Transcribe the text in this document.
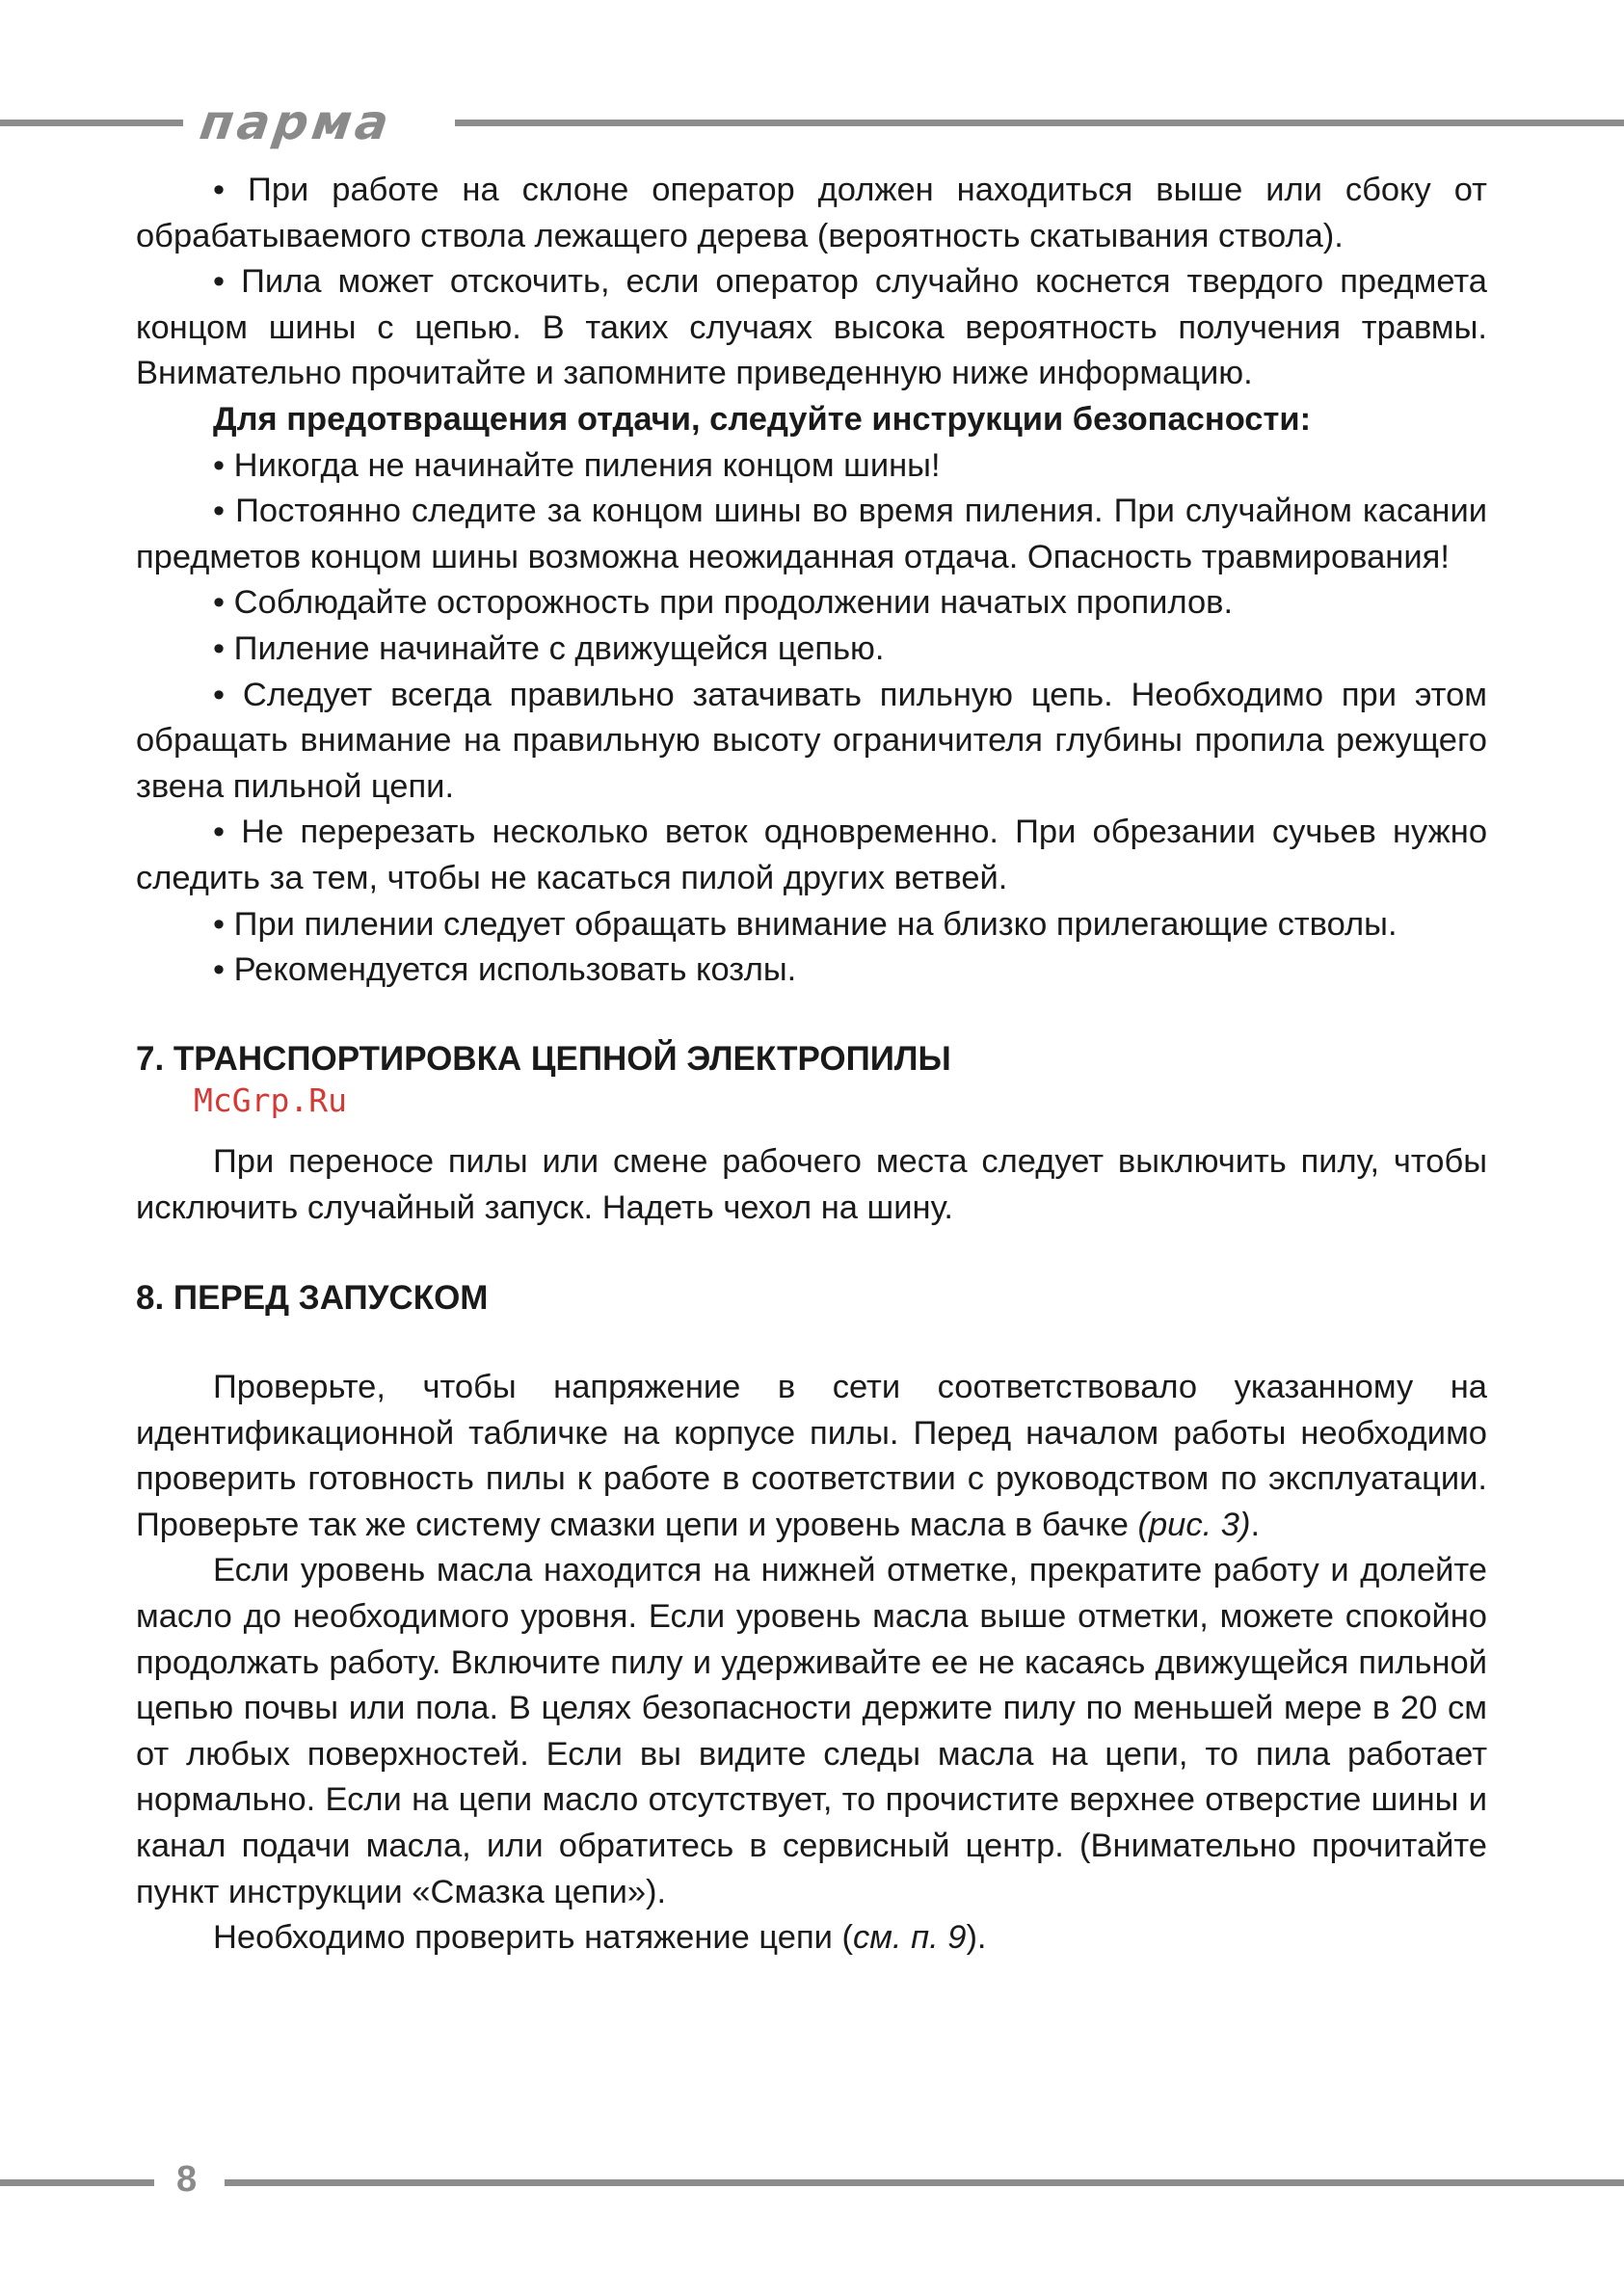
парма

• При работе на склоне оператор должен находиться выше или сбоку от обрабатываемого ствола лежащего дерева (вероятность скатывания ствола).

• Пила может отскочить, если оператор случайно коснется твердого предмета концом шины с цепью. В таких случаях высока вероятность получения травмы. Внимательно прочитайте и запомните приведенную ниже информацию.

Для предотвращения отдачи, следуйте инструкции безопасности:

• Никогда не начинайте пиления концом шины!

• Постоянно следите за концом шины во время пиления. При случайном касании предметов концом шины возможна неожиданная отдача. Опасность травмирования!

• Соблюдайте осторожность при продолжении начатых пропилов.

• Пиление начинайте с движущейся цепью.

• Следует всегда правильно затачивать пильную цепь. Необходимо при этом обращать внимание на правильную высоту ограничителя глубины пропила режущего звена пильной цепи.

• Не перерезать несколько веток одновременно. При обрезании сучьев нужно следить за тем, чтобы не касаться пилой других ветвей.

• При пилении следует обращать внимание на близко прилегающие стволы.

• Рекомендуется использовать козлы.

7. ТРАНСПОРТИРОВКА ЦЕПНОЙ ЭЛЕКТРОПИЛЫ

McGrp.Ru

При переносе пилы или смене рабочего места следует выключить пилу, чтобы исключить случайный запуск. Надеть чехол на шину.

8. ПЕРЕД ЗАПУСКОМ

Проверьте, чтобы напряжение в сети соответствовало указанному на идентификационной табличке на корпусе пилы. Перед началом работы необходимо проверить готовность пилы к работе в соответствии с руководством по эксплуатации. Проверьте так же систему смазки цепи и уровень масла в бачке (рис. 3).

Если уровень масла находится на нижней отметке, прекратите работу и долейте масло до необходимого уровня. Если уровень масла выше отметки, можете спокойно продолжать работу. Включите пилу и удерживайте ее не касаясь движущейся пильной цепью почвы или пола. В целях безопасности держите пилу по меньшей мере в 20 см от любых поверхностей. Если вы видите следы масла на цепи, то пила работает нормально. Если на цепи масло отсутствует, то прочистите верхнее отверстие шины и канал подачи масла, или обратитесь в сервисный центр. (Внимательно прочитайте пункт инструкции «Смазка цепи»).

Необходимо проверить натяжение цепи (см. п. 9).

8
